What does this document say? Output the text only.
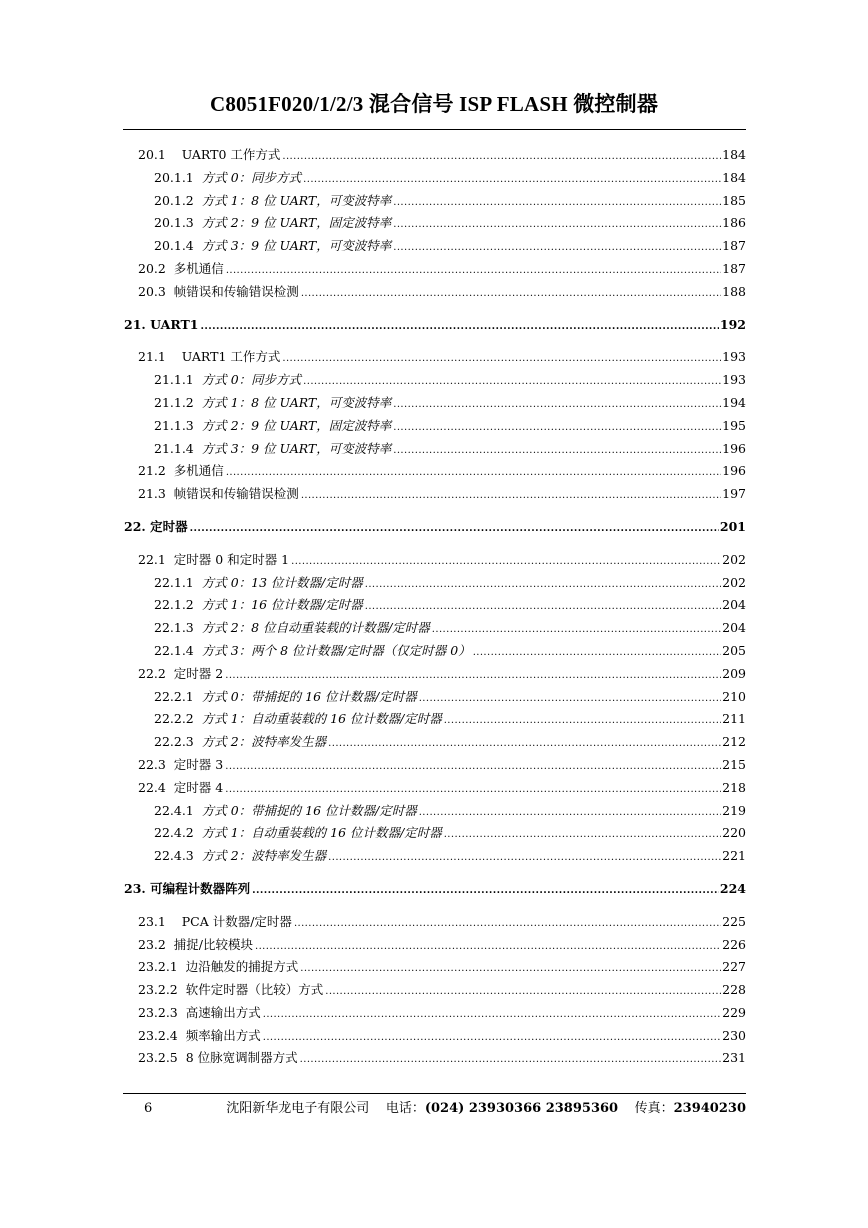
C8051F020/1/2/3 混合信号 ISP FLASH 微控制器
20.1 UART0 工作方式 .....	184
20.1.1 方式 0：同步方式 .....	184
20.1.2 方式 1：8 位 UART，可变波特率 .....	185
20.1.3 方式 2：9 位 UART，固定波特率 .....	186
20.1.4 方式 3：9 位 UART，可变波特率 .....	187
20.2 多机通信 .....	187
20.3 帧错误和传输错误检测 .....	188
21. UART1 .....	192
21.1 UART1 工作方式 .....	193
21.1.1 方式 0：同步方式 .....	193
21.1.2 方式 1：8 位 UART，可变波特率 .....	194
21.1.3 方式 2：9 位 UART，固定波特率 .....	195
21.1.4 方式 3：9 位 UART，可变波特率 .....	196
21.2 多机通信 .....	196
21.3 帧错误和传输错误检测 .....	197
22. 定时器 .....	201
22.1 定时器 0 和定时器 1 .....	202
22.1.1 方式 0：13 位计数器/定时器 .....	202
22.1.2 方式 1：16 位计数器/定时器 .....	204
22.1.3 方式 2：8 位自动重装载的计数器/定时器 .....	204
22.1.4 方式 3：两个 8 位计数器/定时器（仅定时器 0） .....	205
22.2 定时器 2 .....	209
22.2.1 方式 0：带捕捉的 16 位计数器/定时器 .....	210
22.2.2 方式 1：自动重装载的 16 位计数器/定时器 .....	211
22.2.3 方式 2：波特率发生器 .....	212
22.3 定时器 3 .....	215
22.4 定时器 4 .....	218
22.4.1 方式 0：带捕捉的 16 位计数器/定时器 .....	219
22.4.2 方式 1：自动重装载的 16 位计数器/定时器 .....	220
22.4.3 方式 2：波特率发生器 .....	221
23. 可编程计数器阵列 .....	224
23.1 PCA 计数器/定时器 .....	225
23.2 捕捉/比较模块 .....	226
23.2.1 边沿触发的捕捉方式 .....	227
23.2.2 软件定时器（比较）方式 .....	228
23.2.3 高速输出方式 .....	229
23.2.4 频率输出方式 .....	230
23.2.5 8 位脉宽调制器方式 .....	231
6	沈阳新华龙电子有限公司 电话：(024) 23930366 23895360 传真：23940230
